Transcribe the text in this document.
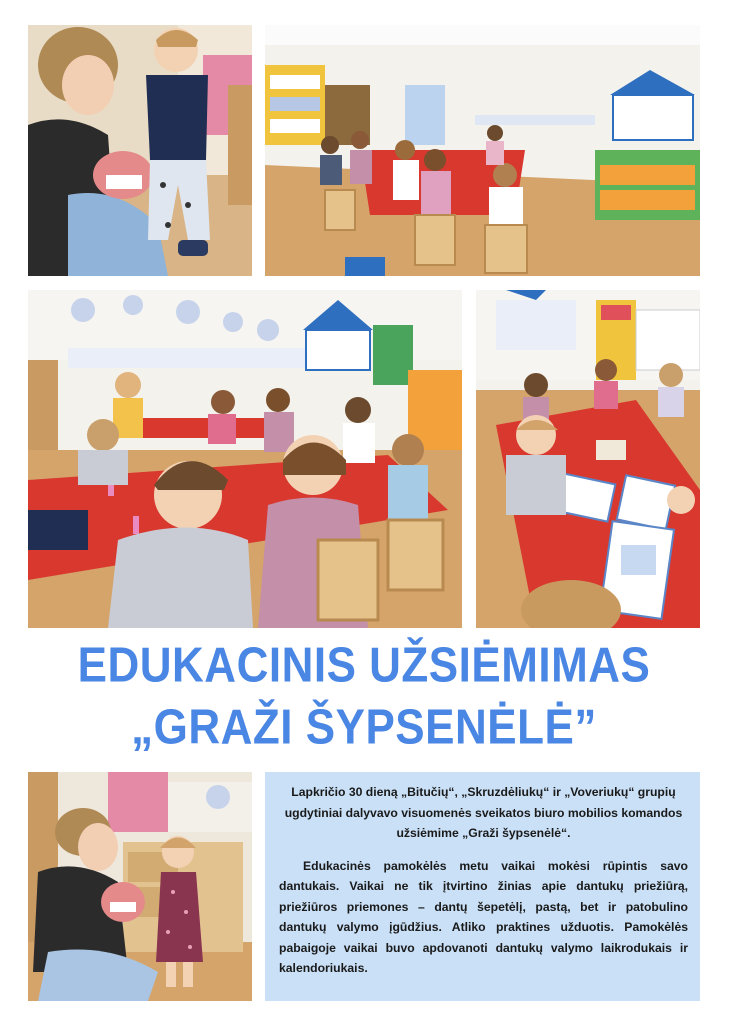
EDUKACINIS UŽSIĖMIMAS
„GRAŽI ŠYPSENĖLĖ”

Lapkričio 30 dieną „Bitučių“, „Skruzdėliukų“ ir „Voveriukų“ grupių ugdytiniai dalyvavo visuomenės sveikatos biuro mobilios komandos užsiėmime „Graži šypsenėlė“.

Edukacinės pamokėlės metu vaikai mokėsi rūpintis savo dantukais. Vaikai ne tik įtvirtino žinias apie dantukų priežiūrą, priežiūros priemones – dantų šepetėlį, pastą, bet ir patobulino dantukų valymo įgūdžius. Atliko praktines užduotis. Pamokėlės pabaigoje vaikai buvo apdovanoti dantukų valymo laikrodukais ir kalendoriukais.
